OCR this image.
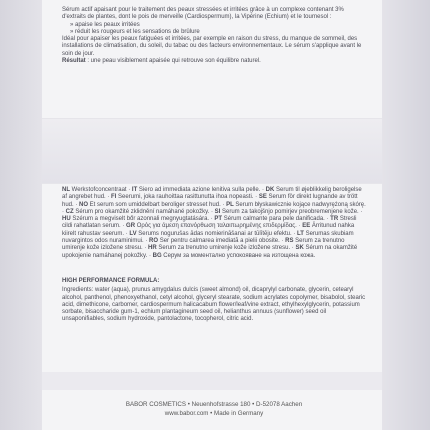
Sérum actif apaisant pour le traitement des peaux stressées et irritées grâce à un complexe contenant 3% d'extraits de plantes, dont le pois de merveille (Cardiospermum), la Vipérine (Echium) et le tournesol :

» apaise les peaux irritées

» réduit les rougeurs et les sensations de brûlure

Idéal pour apaiser les peaux fatiguées et irritées, par exemple en raison du stress, du manque de sommeil, des installations de climatisation, du soleil, du tabac ou des facteurs environnementaux. Le sérum s'applique avant le soin de jour.

Résultat : une peau visiblement apaisée qui retrouve son équilibre naturel.

NL Werkstofconcentraat · IT Siero ad immediata azione lenitiva sulla pelle. · DK Serum til øjeblikkelig beroligelse af angrebet hud. · FI Seerumi, joka rauhoittaa rasittunutta ihoa nopeasti. · SE Serum för direkt lugnande av trött hud. · NO Et serum som umiddelbart beroliger stresset hud. · PL Serum błyskawicznie kojące nadwyrężoną skórę. · CZ Sérum pro okamžité zklidnění namáhané pokožky. · SI Serum za takojšnjo pomirjev preobremenjene kože. · HU Szérum a megviselt bőr azonnali megnyugtatására. · PT Sérum calmante para pele danificada. · TR Stresli cildi rahatlatan serum. · GR Ορός για άμεση επανόρθωση ταλαιπωρημένης επιδερμίδας. · EE Ärritunud nahka kiirelt rahustav seerum. · LV Serums nogurušas ādas nomierināšanai ar tūlītēju efektu. · LT Serumas skubiam nuvargintos odos nuraminimui. · RO Ser pentru calmarea imediată a pielii obosite. · RS Serum za trenutno umirenje kože izložene stresu. · HR Serum za trenutno umirenje kože izložene stresu. · SK Sérum na okamžité upokojenie namáhanej pokožky. · BG Серум за моментално успокояване на изтощена кожа.

HIGH PERFORMANCE FORMULA:

Ingredients: water (aqua), prunus amygdalus dulcis (sweet almond) oil, dicaprylyl carbonate, glycerin, cetearyl alcohol, panthenol, phenoxyethanol, cetyl alcohol, glyceryl stearate, sodium acrylates copolymer, bisabolol, stearic acid, dimethicone, carbomer, cardiospermum halicacabum flower/leaf/vine extract, ethylhexylglycerin, potassium sorbate, bisaccharide gum-1, echium plantagineum seed oil, helianthus annuus (sunflower) seed oil unsaponifiables, sodium hydroxide, pantolactone, tocopherol, citric acid.

BABOR COSMETICS • Neuenhofstrasse 180 • D-52078 Aachen
www.babor.com • Made in Germany
